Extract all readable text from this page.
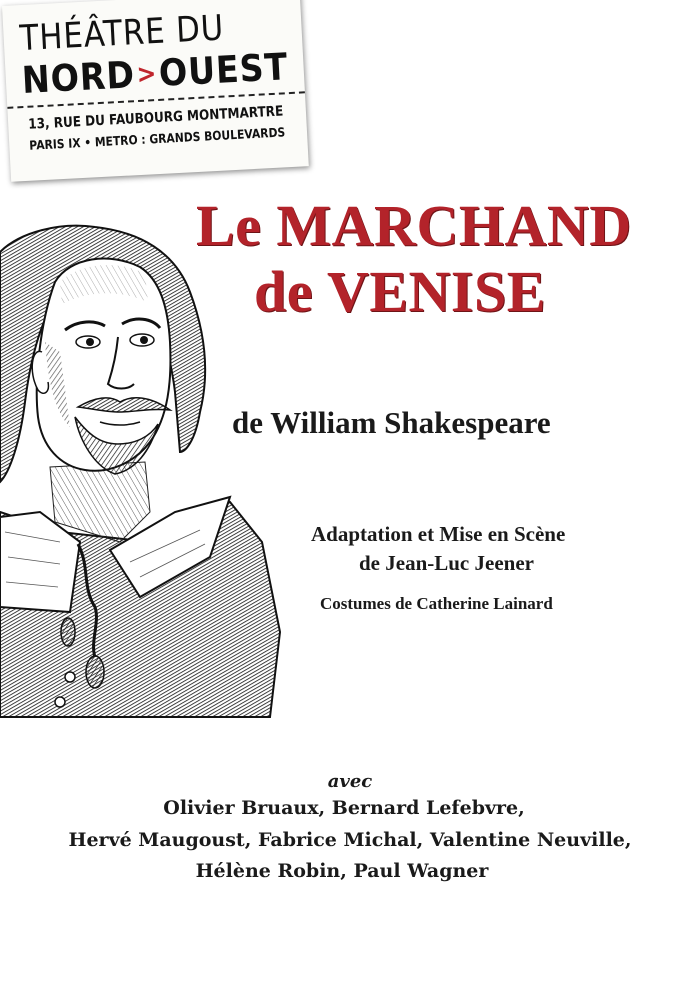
THÉÂTRE DU
NORD>OUEST
13, RUE DU FAUBOURG MONTMARTRE
PARIS IX • METRO : GRANDS BOULEVARDS
Le MARCHAND
de VENISE
de William Shakespeare
Adaptation et Mise en Scène
de Jean-Luc Jeener
Costumes de Catherine Lainard
avec
Olivier Bruaux, Bernard Lefebvre,
Hervé Maugoust, Fabrice Michal, Valentine Neuville,
Hélène Robin, Paul Wagner
